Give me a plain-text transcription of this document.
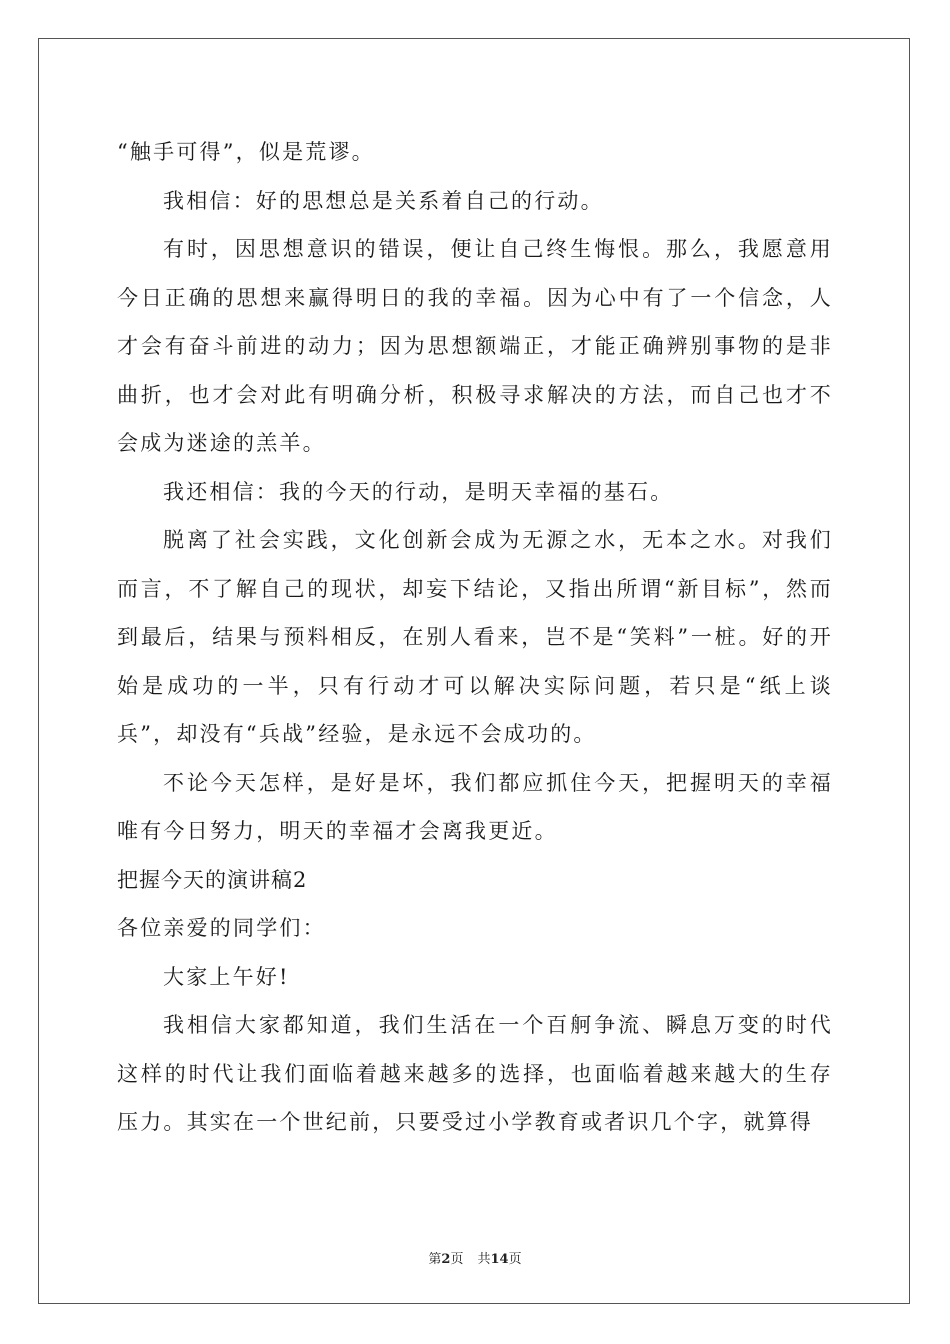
“触手可得”，似是荒谬。

我相信：好的思想总是关系着自己的行动。

有时，因思想意识的错误，便让自己终生悔恨。那么，我愿意用今日正确的思想来赢得明日的我的幸福。因为心中有了一个信念，人才会有奋斗前进的动力；因为思想额端正，才能正确辨别事物的是非曲折，也才会对此有明确分析，积极寻求解决的方法，而自己也才不会成为迷途的羔羊。

我还相信：我的今天的行动，是明天幸福的基石。

脱离了社会实践，文化创新会成为无源之水，无本之水。对我们而言，不了解自己的现状，却妄下结论，又指出所谓“新目标”，然而到最后，结果与预料相反，在别人看来，岂不是“笑料”一桩。好的开始是成功的一半，只有行动才可以解决实际问题，若只是“纸上谈兵”，却没有“兵战”经验，是永远不会成功的。

不论今天怎样，是好是坏，我们都应抓住今天，把握明天的幸福唯有今日努力，明天的幸福才会离我更近。

把握今天的演讲稿2

各位亲爱的同学们：

大家上午好!

我相信大家都知道，我们生活在一个百舸争流、瞬息万变的时代这样的时代让我们面临着越来越多的选择，也面临着越来越大的生存压力。其实在一个世纪前，只要受过小学教育或者识几个字，就算得

第2页 共14页
